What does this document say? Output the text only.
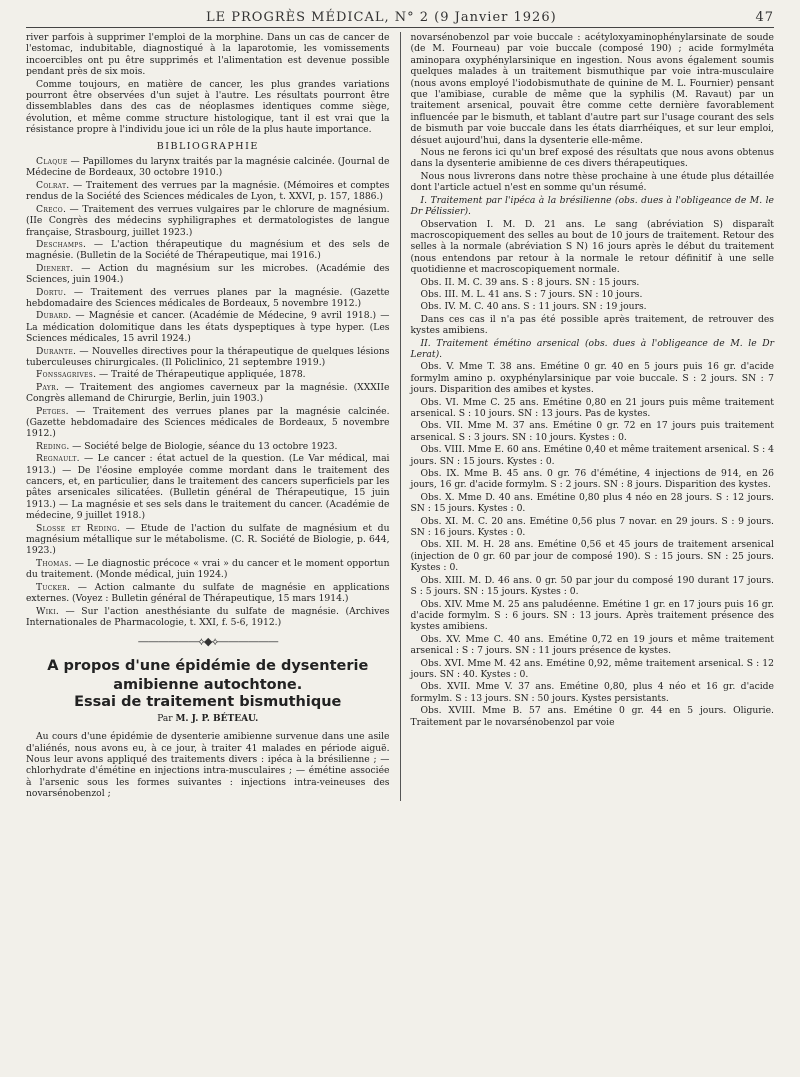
LE PROGRÈS MÉDICAL, N° 2 (9 Janvier 1926)	47

river parfois à supprimer l'emploi de la morphine. Dans un cas de cancer de l'estomac, indubitable, diagnostiqué à la laparotomie, les vomissements incoercibles ont pu être supprimés et l'alimentation est devenue possible pendant près de six mois.

Comme toujours, en matière de cancer, les plus grandes variations pourront être observées d'un sujet à l'autre. Les résultats pourront être dissemblables dans des cas de néoplasmes identiques comme siège, évolution, et même comme structure histologique, tant il est vrai que la résistance propre à l'individu joue ici un rôle de la plus haute importance.

BIBLIOGRAPHIE

Claque — Papillomes du larynx traités par la magnésie calcinée. (Journal de Médecine de Bordeaux, 30 octobre 1910.)

Colrat. — Traitement des verrues par la magnésie. (Mémoires et comptes rendus de la Société des Sciences médicales de Lyon, t. XXVI, p. 157, 1886.)

Creco. — Traitement des verrues vulgaires par le chlorure de magnésium. (IIe Congrès des médecins syphiligraphes et dermatologistes de langue française, Strasbourg, juillet 1923.)

Deschamps. — L'action thérapeutique du magnésium et des sels de magnésie. (Bulletin de la Société de Thérapeutique, mai 1916.)

Dienert. — Action du magnésium sur les microbes. (Académie des Sciences, juin 1904.)

Dortu. — Traitement des verrues planes par la magnésie. (Gazette hebdomadaire des Sciences médicales de Bordeaux, 5 novembre 1912.)

Dubard. — Magnésie et cancer. (Académie de Médecine, 9 avril 1918.) — La médication dolomitique dans les états dyspeptiques à type hyper. (Les Sciences médicales, 15 avril 1924.)

Durante. — Nouvelles directives pour la thérapeutique de quelques lésions tuberculeuses chirurgicales. (Il Policlinico, 21 septembre 1919.)

Fonssagrives. — Traité de Thérapeutique appliquée, 1878.

Payr. — Traitement des angiomes caverneux par la magnésie. (XXXIIe Congrès allemand de Chirurgie, Berlin, juin 1903.)

Petges. — Traitement des verrues planes par la magnésie calcinée. (Gazette hebdomadaire des Sciences médicales de Bordeaux, 5 novembre 1912.)

Reding. — Société belge de Biologie, séance du 13 octobre 1923.

Regnault. — Le cancer : état actuel de la question. (Le Var médical, mai 1913.) — De l'éosine employée comme mordant dans le traitement des cancers, et, en particulier, dans le traitement des cancers superficiels par les pâtes arsenicales silicatées. (Bulletin général de Thérapeutique, 15 juin 1913.) — La magnésie et ses sels dans le traitement du cancer. (Académie de médecine, 9 juillet 1918.)

Slosse et Reding. — Etude de l'action du sulfate de magnésium et du magnésium métallique sur le métabolisme. (C. R. Société de Biologie, p. 644, 1923.)

Thomas. — Le diagnostic précoce « vrai » du cancer et le moment opportun du traitement. (Monde médical, juin 1924.)

Tucker. — Action calmante du sulfate de magnésie en applications externes. (Voyez : Bulletin général de Thérapeutique, 15 mars 1914.)

Wiki. — Sur l'action anesthésiante du sulfate de magnésie. (Archives Internationales de Pharmacologie, t. XXI, f. 5-6, 1912.)

——————⟡◆⟡——————
A propos d'une épidémie de dysenterie
amibienne autochtone.
Essai de traitement bismuthique
Par M. J. P. BÉTEAU.

Au cours d'une épidémie de dysenterie amibienne survenue dans une asile d'aliénés, nous avons eu, à ce jour, à traiter 41 malades en période aiguë. Nous leur avons appliqué des traitements divers : ipéca à la brésilienne ; — chlorhydrate d'émétine en injections intra-musculaires ; — émétine associée à l'arsenic sous les formes suivantes : injections intra-veineuses des novarsénobenzol ;

novarsénobenzol par voie buccale : acétyloxyaminophénylarsinate de soude (de M. Fourneau) par voie buccale (composé 190) ; acide formylméta aminopara oxyphénylarsinique en ingestion. Nous avons également soumis quelques malades à un traitement bismuthique par voie intra-musculaire (nous avons employé l'iodobismuthate de quinine de M. L. Fournier) pensant que l'amibiase, curable de même que la syphilis (M. Ravaut) par un traitement arsenical, pouvait être comme cette dernière favorablement influencée par le bismuth, et tablant d'autre part sur l'usage courant des sels de bismuth par voie buccale dans les états diarrhéiques, et sur leur emploi, désuet aujourd'hui, dans la dysenterie elle-même.

Nous ne ferons ici qu'un bref exposé des résultats que nous avons obtenus dans la dysenterie amibienne de ces divers thérapeutiques.

Nous nous livrerons dans notre thèse prochaine à une étude plus détaillée dont l'article actuel n'est en somme qu'un résumé.

I. Traitement par l'ipéca à la brésilienne (obs. dues à l'obligeance de M. le Dr Pélissier).

Observation I. M. D. 21 ans. Le sang (abréviation S) disparaît macroscopiquement des selles au bout de 10 jours de traitement. Retour des selles à la normale (abréviation S N) 16 jours après le début du traitement (nous entendons par retour à la normale le retour définitif à une selle quotidienne et macroscopiquement normale.

Obs. II. M. C. 39 ans. S : 8 jours. SN : 15 jours.

Obs. III. M. L. 41 ans. S : 7 jours. SN : 10 jours.

Obs. IV. M. C. 40 ans. S : 11 jours. SN : 19 jours.

Dans ces cas il n'a pas été possible après traitement, de retrouver des kystes amibiens.

II. Traitement émétino arsenical (obs. dues à l'obligeance de M. le Dr Lerat).

Obs. V. Mme T. 38 ans. Emétine 0 gr. 40 en 5 jours puis 16 gr. d'acide formylm amino p. oxyphénylarsinique par voie buccale. S : 2 jours. SN : 7 jours. Disparition des amibes et kystes.

Obs. VI. Mme C. 25 ans. Emétine 0,80 en 21 jours puis même traitement arsenical. S : 10 jours. SN : 13 jours. Pas de kystes.

Obs. VII. Mme M. 37 ans. Emétine 0 gr. 72 en 17 jours puis traitement arsenical. S : 3 jours. SN : 10 jours. Kystes : 0.

Obs. VIII. Mme E. 60 ans. Emétine 0,40 et même traitement arsenical. S : 4 jours. SN : 15 jours. Kystes : 0.

Obs. IX. Mme B. 45 ans. 0 gr. 76 d'émétine, 4 injections de 914, en 26 jours, 16 gr. d'acide formylm. S : 2 jours. SN : 8 jours. Disparition des kystes.

Obs. X. Mme D. 40 ans. Emétine 0,80 plus 4 néo en 28 jours. S : 12 jours. SN : 15 jours. Kystes : 0.

Obs. XI. M. C. 20 ans. Emétine 0,56 plus 7 novar. en 29 jours. S : 9 jours. SN : 16 jours. Kystes : 0.

Obs. XII. M. H. 28 ans. Emétine 0,56 et 45 jours de traitement arsenical (injection de 0 gr. 60 par jour de composé 190). S : 15 jours. SN : 25 jours. Kystes : 0.

Obs. XIII. M. D. 46 ans. 0 gr. 50 par jour du composé 190 durant 17 jours. S : 5 jours. SN : 15 jours. Kystes : 0.

Obs. XIV. Mme M. 25 ans paludéenne. Emétine 1 gr. en 17 jours puis 16 gr. d'acide formylm. S : 6 jours. SN : 13 jours. Après traitement présence des kystes amibiens.

Obs. XV. Mme C. 40 ans. Emétine 0,72 en 19 jours et même traitement arsenical : S : 7 jours. SN : 11 jours présence de kystes.

Obs. XVI. Mme M. 42 ans. Emétine 0,92, même traitement arsenical. S : 12 jours. SN : 40. Kystes : 0.

Obs. XVII. Mme V. 37 ans. Emétine 0,80, plus 4 néo et 16 gr. d'acide formylm. S : 13 jours. SN : 50 jours. Kystes persistants.

Obs. XVIII. Mme B. 57 ans. Emétine 0 gr. 44 en 5 jours. Oligurie. Traitement par le novarsénobenzol par voie
